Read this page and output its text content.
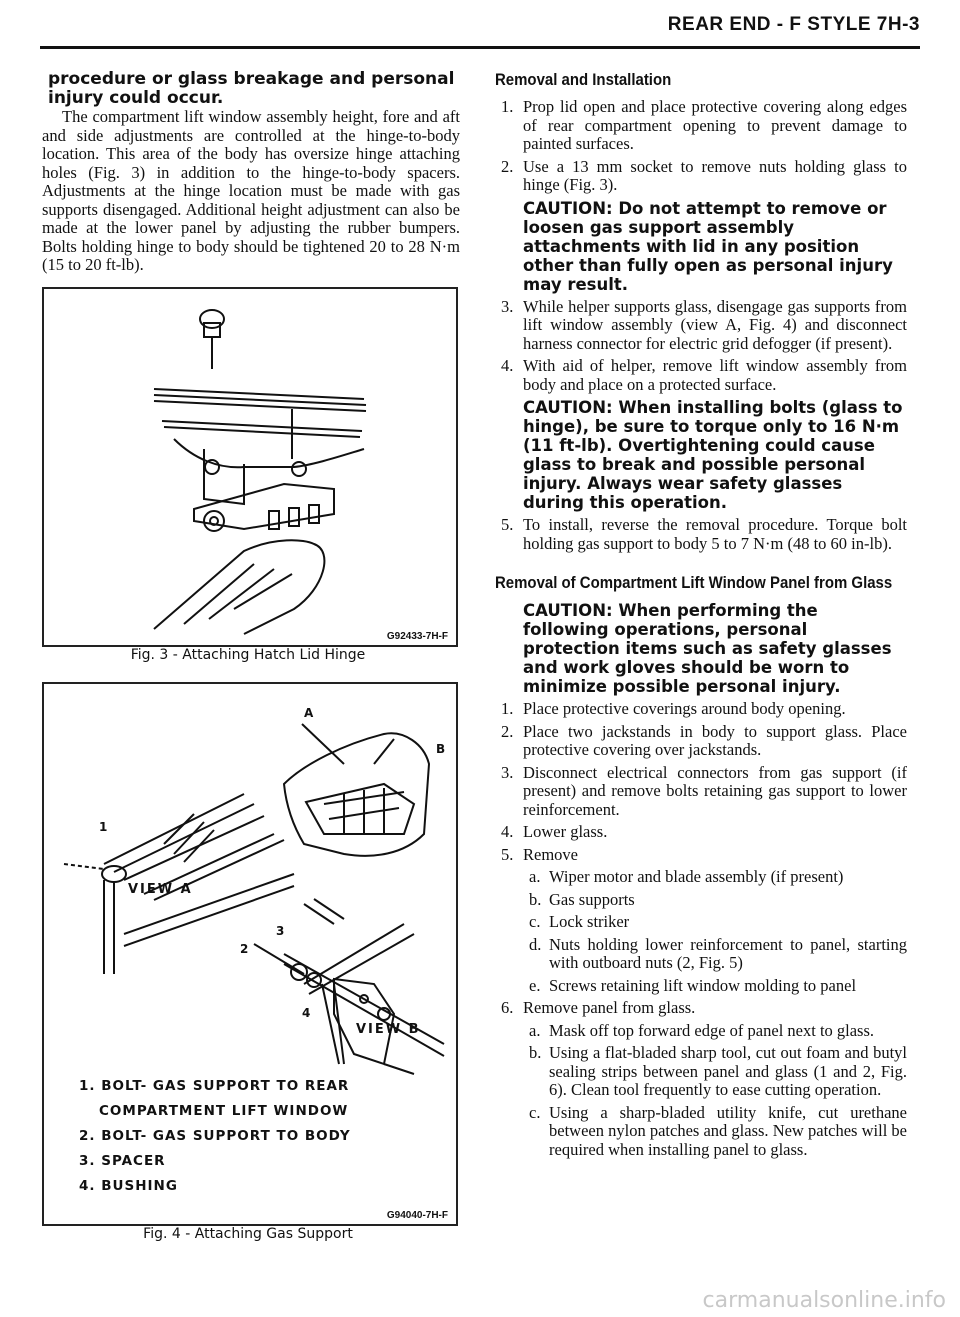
REAR END - F STYLE 7H-3

procedure or glass breakage and personal injury could occur.

The compartment lift window assembly height, fore and aft and side adjustments are controlled at the hinge-to-body location. This area of the body has oversize hinge attaching holes (Fig. 3) in addition to the hinge-to-body spacers. Adjustments at the hinge location must be made with gas supports disengaged. Additional height adjustment can also be made at the lower panel by adjusting the rubber bumpers. Bolts holding hinge to body should be tightened 20 to 28 N·m (15 to 20 ft-lb).

G92433-7H-F
Fig. 3 - Attaching Hatch Lid Hinge
A
B
1
2
3
4
VIEW A
VIEW B
1. BOLT- GAS SUPPORT TO REAR
COMPARTMENT LIFT WINDOW
2. BOLT- GAS SUPPORT TO BODY
3. SPACER
4. BUSHING
G94040-7H-F
Fig. 4 - Attaching Gas Support
Removal and Installation
1. Prop lid open and place protective covering along edges of rear compartment opening to prevent damage to painted surfaces.
2. Use a 13 mm socket to remove nuts holding glass to hinge (Fig. 3).

CAUTION: Do not attempt to remove or loosen gas support assembly attachments with lid in any position other than fully open as personal injury may result.

3. While helper supports glass, disengage gas supports from lift window assembly (view A, Fig. 4) and disconnect harness connector for electric grid defogger (if present).
4. With aid of helper, remove lift window assembly from body and place on a protected surface.

CAUTION: When installing bolts (glass to hinge), be sure to torque only to 16 N·m (11 ft-lb). Overtightening could cause glass to break and possible personal injury. Always wear safety glasses during this operation.

5. To install, reverse the removal procedure. Torque bolt holding gas support to body 5 to 7 N·m (48 to 60 in-lb).
Removal of Compartment Lift Window Panel from Glass

CAUTION: When performing the following operations, personal protection items such as safety glasses and work gloves should be worn to minimize possible personal injury.

1. Place protective coverings around body opening.
2. Place two jackstands in body to support glass. Place protective covering over jackstands.
3. Disconnect electrical connectors from gas support (if present) and remove bolts retaining gas support to lower reinforcement.
4. Lower glass.
5. Remove
a. Wiper motor and blade assembly (if present)
b. Gas supports
c. Lock striker
d. Nuts holding lower reinforcement to panel, starting with outboard nuts (2, Fig. 5)
e. Screws retaining lift window molding to panel
6. Remove panel from glass.
a. Mask off top forward edge of panel next to glass.
b. Using a flat-bladed sharp tool, cut out foam and butyl sealing strips between panel and glass (1 and 2, Fig. 6). Clean tool frequently to ease cutting operation.
c. Using a sharp-bladed utility knife, cut urethane between nylon patches and glass. New patches will be required when installing panel to glass.
carmanualsonline.info
